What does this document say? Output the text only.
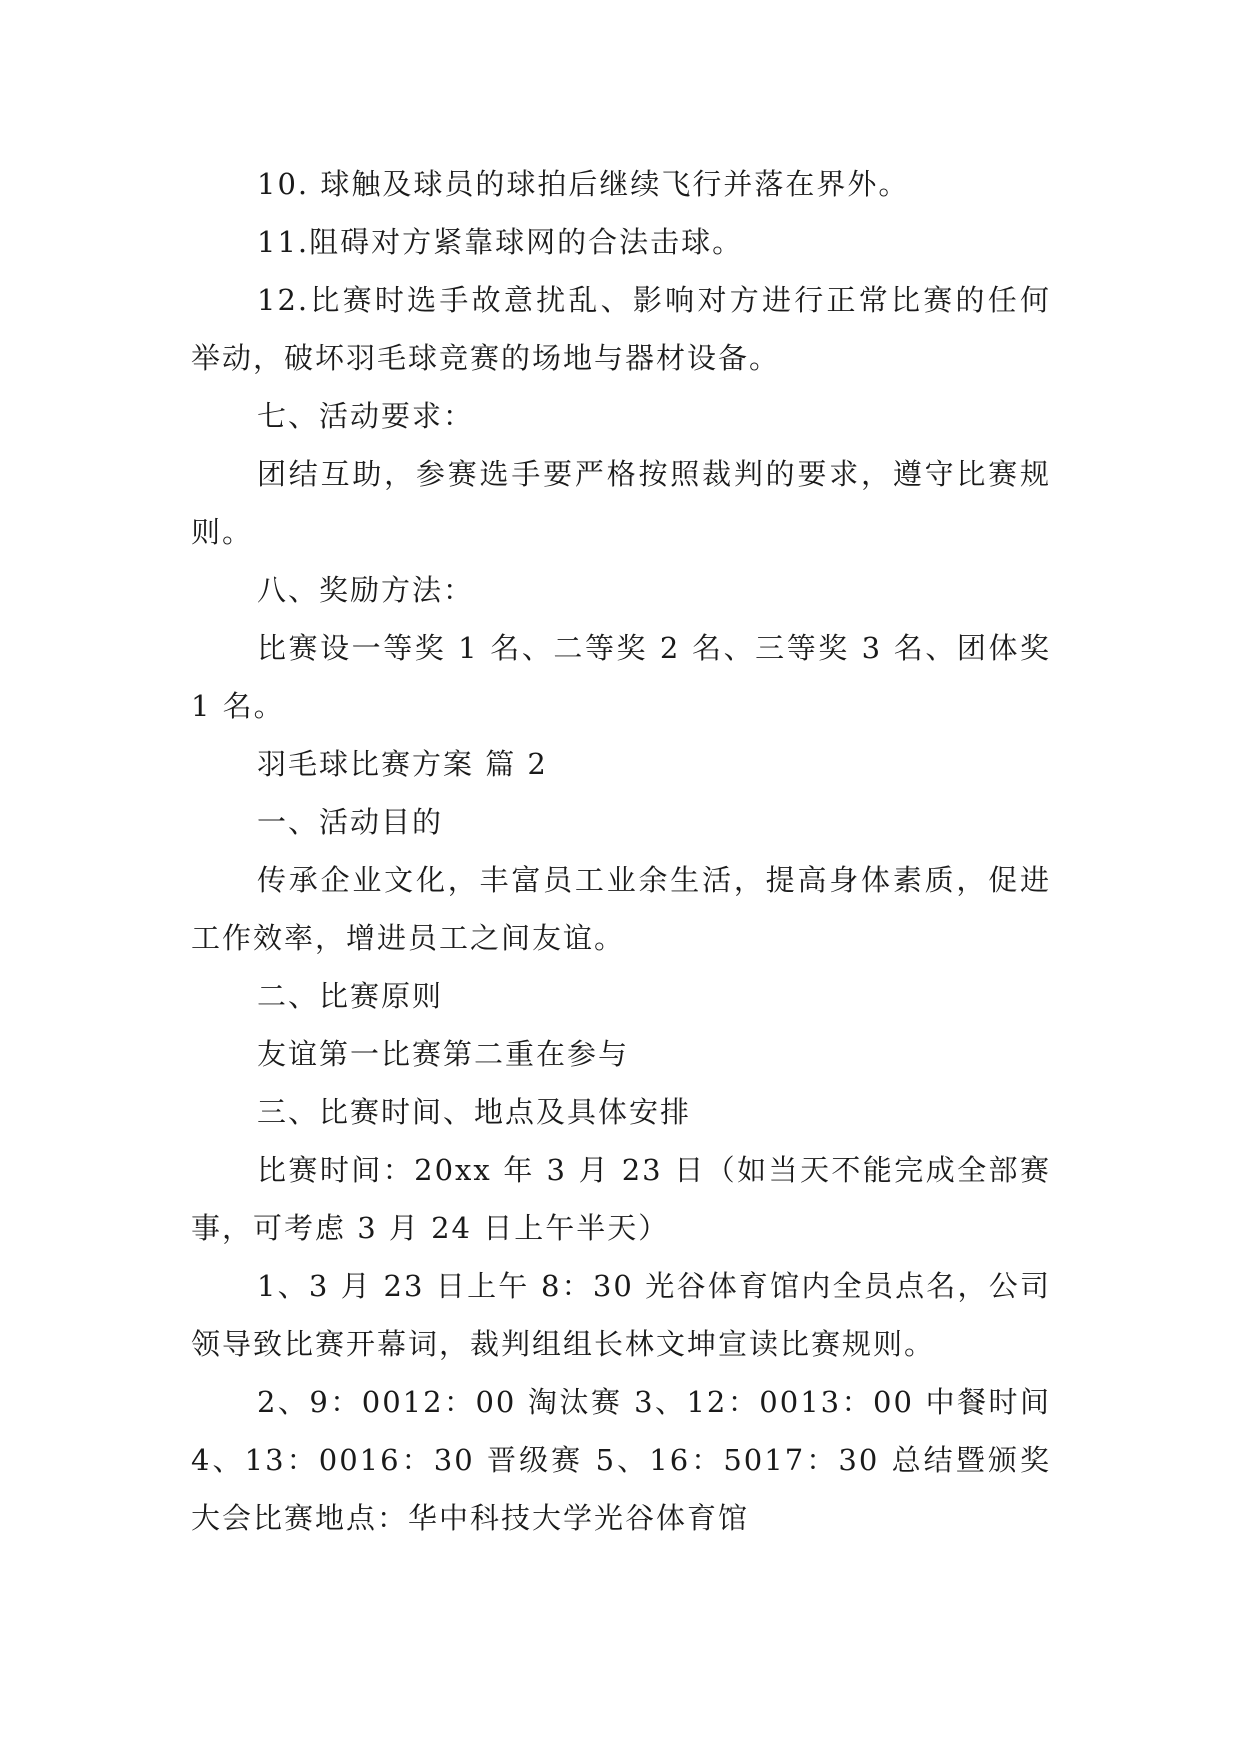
10. 球触及球员的球拍后继续飞行并落在界外。

11.阻碍对方紧靠球网的合法击球。

12.比赛时选手故意扰乱、影响对方进行正常比赛的任何举动，破坏羽毛球竞赛的场地与器材设备。

七、活动要求：

团结互助，参赛选手要严格按照裁判的要求，遵守比赛规则。

八、奖励方法：

比赛设一等奖 1 名、二等奖 2 名、三等奖 3 名、团体奖 1 名。

羽毛球比赛方案 篇 2

一、活动目的

传承企业文化，丰富员工业余生活，提高身体素质，促进工作效率，增进员工之间友谊。

二、比赛原则

友谊第一比赛第二重在参与

三、比赛时间、地点及具体安排

比赛时间：20xx 年 3 月 23 日（如当天不能完成全部赛事，可考虑 3 月 24 日上午半天）

1、3 月 23 日上午 8：30 光谷体育馆内全员点名，公司领导致比赛开幕词，裁判组组长林文坤宣读比赛规则。

2、9：0012：00 淘汰赛 3、12：0013：00 中餐时间 4、13：0016：30 晋级赛 5、16：5017：30 总结暨颁奖大会比赛地点：华中科技大学光谷体育馆
